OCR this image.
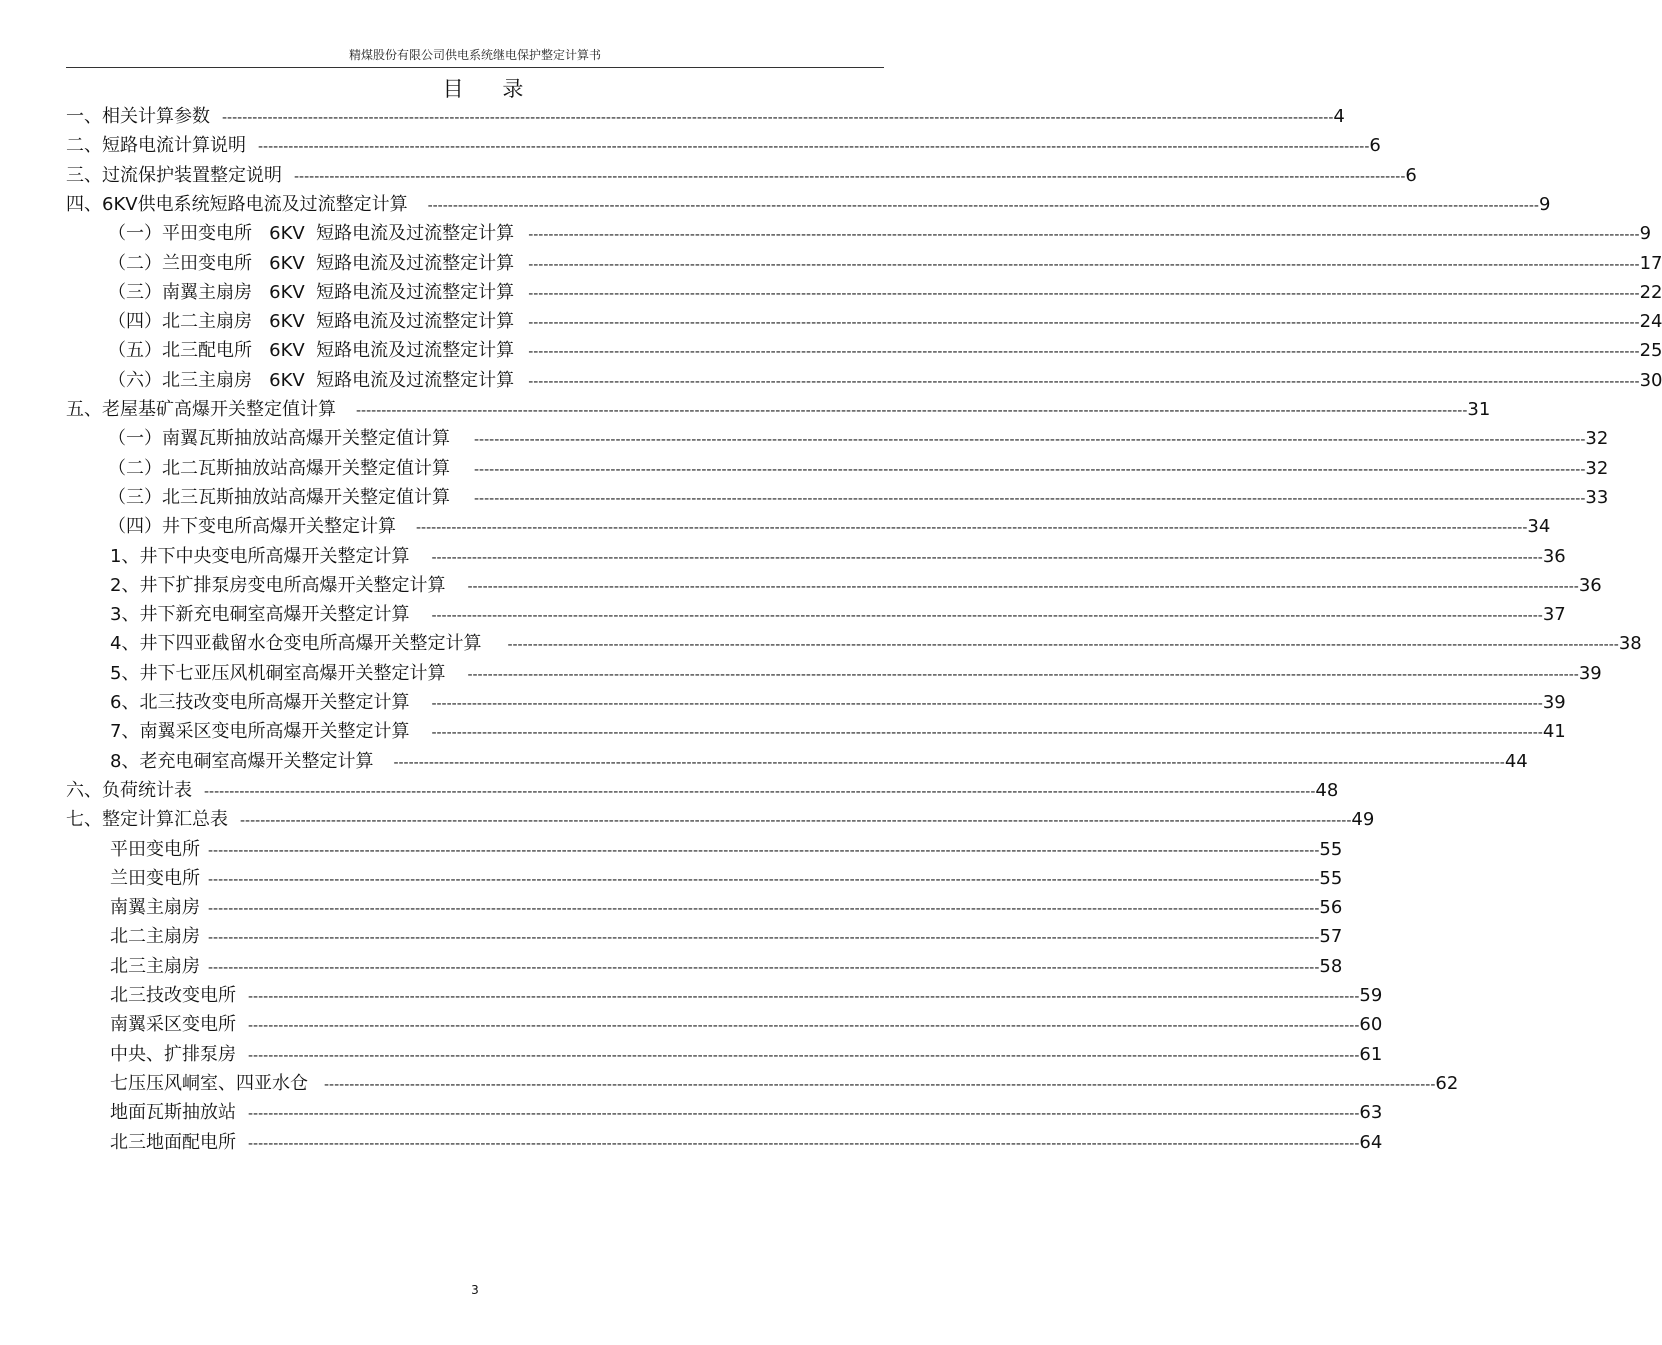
精煤股份有限公司供电系统继电保护整定计算书
目 录
一、相关计算参数 ---------------------------------------------------------------------------------------------------------------------------------------------------------------------------------------------------------------------------- 4
二、短路电流计算说明 ---------------------------------------------------------------------------------------------------------------------------------------------------------------------------------------------------------------------------- 6
三、过流保护装置整定说明 ---------------------------------------------------------------------------------------------------------------------------------------------------------------------------------------------------------------------------- 6
四、6KV供电系统短路电流及过流整定计算 ---------------------------------------------------------------------------------------------------------------------------------------------------------------------------------------------------------------------------- 9
（一）平田变电所   6KV  短路电流及过流整定计算 ---------------------------------------------------------------------------------------------------------------------------------------------------------------------------------------------------------------------------- 9
（二）兰田变电所   6KV  短路电流及过流整定计算 ---------------------------------------------------------------------------------------------------------------------------------------------------------------------------------------------------------------------------- 17
（三）南翼主扇房   6KV  短路电流及过流整定计算 ---------------------------------------------------------------------------------------------------------------------------------------------------------------------------------------------------------------------------- 22
（四）北二主扇房   6KV  短路电流及过流整定计算 ---------------------------------------------------------------------------------------------------------------------------------------------------------------------------------------------------------------------------- 24
（五）北三配电所   6KV  短路电流及过流整定计算 ---------------------------------------------------------------------------------------------------------------------------------------------------------------------------------------------------------------------------- 25
（六）北三主扇房   6KV  短路电流及过流整定计算 ---------------------------------------------------------------------------------------------------------------------------------------------------------------------------------------------------------------------------- 30
五、老屋基矿高爆开关整定值计算 ---------------------------------------------------------------------------------------------------------------------------------------------------------------------------------------------------------------------------- 31
（一）南翼瓦斯抽放站高爆开关整定值计算 ---------------------------------------------------------------------------------------------------------------------------------------------------------------------------------------------------------------------------- 32
（二）北二瓦斯抽放站高爆开关整定值计算 ---------------------------------------------------------------------------------------------------------------------------------------------------------------------------------------------------------------------------- 32
（三）北三瓦斯抽放站高爆开关整定值计算 ---------------------------------------------------------------------------------------------------------------------------------------------------------------------------------------------------------------------------- 33
（四）井下变电所高爆开关整定计算 ---------------------------------------------------------------------------------------------------------------------------------------------------------------------------------------------------------------------------- 34
1、井下中央变电所高爆开关整定计算 ---------------------------------------------------------------------------------------------------------------------------------------------------------------------------------------------------------------------------- 36
2、井下扩排泵房变电所高爆开关整定计算 ---------------------------------------------------------------------------------------------------------------------------------------------------------------------------------------------------------------------------- 36
3、井下新充电硐室高爆开关整定计算 ---------------------------------------------------------------------------------------------------------------------------------------------------------------------------------------------------------------------------- 37
4、井下四亚截留水仓变电所高爆开关整定计算 ---------------------------------------------------------------------------------------------------------------------------------------------------------------------------------------------------------------------------- 38
5、井下七亚压风机硐室高爆开关整定计算 ---------------------------------------------------------------------------------------------------------------------------------------------------------------------------------------------------------------------------- 39
6、北三技改变电所高爆开关整定计算 ---------------------------------------------------------------------------------------------------------------------------------------------------------------------------------------------------------------------------- 39
7、南翼采区变电所高爆开关整定计算 ---------------------------------------------------------------------------------------------------------------------------------------------------------------------------------------------------------------------------- 41
8、老充电硐室高爆开关整定计算 ---------------------------------------------------------------------------------------------------------------------------------------------------------------------------------------------------------------------------- 44
六、负荷统计表 ---------------------------------------------------------------------------------------------------------------------------------------------------------------------------------------------------------------------------- 48
七、整定计算汇总表 ---------------------------------------------------------------------------------------------------------------------------------------------------------------------------------------------------------------------------- 49
平田变电所 ---------------------------------------------------------------------------------------------------------------------------------------------------------------------------------------------------------------------------- 55
兰田变电所 ---------------------------------------------------------------------------------------------------------------------------------------------------------------------------------------------------------------------------- 55
南翼主扇房 ---------------------------------------------------------------------------------------------------------------------------------------------------------------------------------------------------------------------------- 56
北二主扇房 ---------------------------------------------------------------------------------------------------------------------------------------------------------------------------------------------------------------------------- 57
北三主扇房 ---------------------------------------------------------------------------------------------------------------------------------------------------------------------------------------------------------------------------- 58
北三技改变电所 ---------------------------------------------------------------------------------------------------------------------------------------------------------------------------------------------------------------------------- 59
南翼采区变电所 ---------------------------------------------------------------------------------------------------------------------------------------------------------------------------------------------------------------------------- 60
中央、扩排泵房 ---------------------------------------------------------------------------------------------------------------------------------------------------------------------------------------------------------------------------- 61
七压压风峒室、四亚水仓 ---------------------------------------------------------------------------------------------------------------------------------------------------------------------------------------------------------------------------- 62
地面瓦斯抽放站 ---------------------------------------------------------------------------------------------------------------------------------------------------------------------------------------------------------------------------- 63
北三地面配电所 ---------------------------------------------------------------------------------------------------------------------------------------------------------------------------------------------------------------------------- 64
3
